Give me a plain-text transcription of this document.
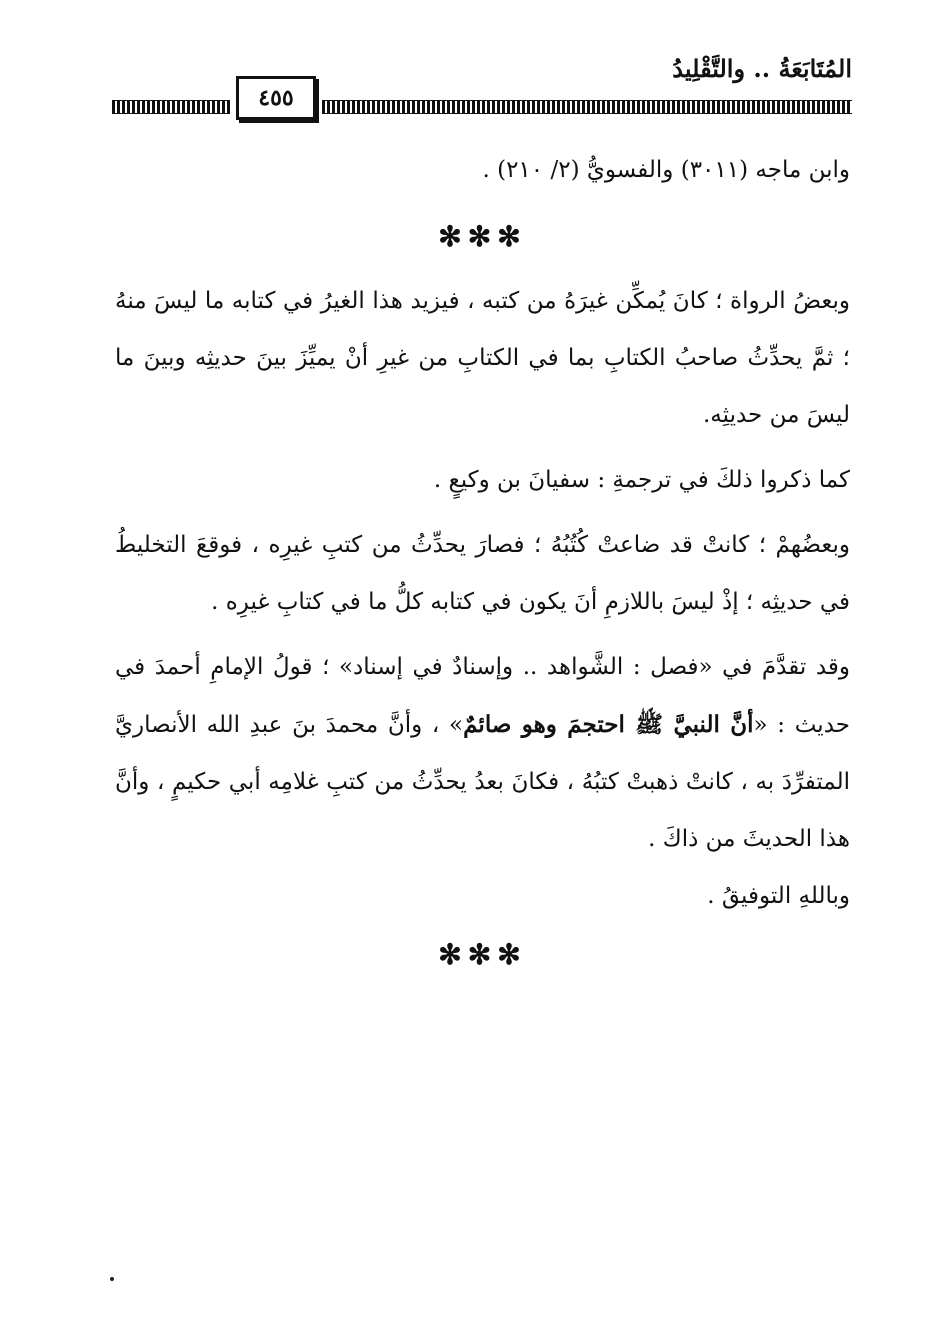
المُتَابَعَةُ .. والتَّقْلِيدُ
٤٥٥

وابن ماجه (٣٠١١) والفسويُّ (٢/ ٢١٠) .

✻✻✻

وبعضُ الرواة ؛ كانَ يُمكِّن غيرَهُ من كتبه ، فيزيد هذا الغيرُ في كتابه ما ليسَ منهُ ؛ ثمَّ يحدِّثُ صاحبُ الكتابِ بما في الكتابِ من غيرِ أنْ يميِّزَ بينَ حديثِه وبينَ ما ليسَ من حديثِه.

كما ذكروا ذلكَ في ترجمةِ : سفيانَ بن وكيعٍ .

وبعضُهمْ ؛ كانتْ قد ضاعتْ كُتُبُهُ ؛ فصارَ يحدِّثُ من كتبِ غيرِه ، فوقعَ التخليطُ في حديثِه ؛ إذْ ليسَ باللازمِ أنَ يكون في كتابه كلُّ ما في كتابِ غيرِه .

وقد تقدَّمَ في «فصل : الشَّواهد .. وإسنادٌ في إسناد» ؛ قولُ الإمامِ أحمدَ في حديث : «أنَّ النبيَّ ﷺ احتجمَ وهو صائمٌ» ، وأنَّ محمدَ بنَ عبدِ الله الأنصاريَّ المتفرِّدَ به ، كانتْ ذهبتْ كتبُهُ ، فكانَ بعدُ يحدِّثُ من كتبِ غلامِه أبي حكيمٍ ، وأنَّ هذا الحديثَ من ذاكَ .

وباللهِ التوفيقُ .

✻✻✻
